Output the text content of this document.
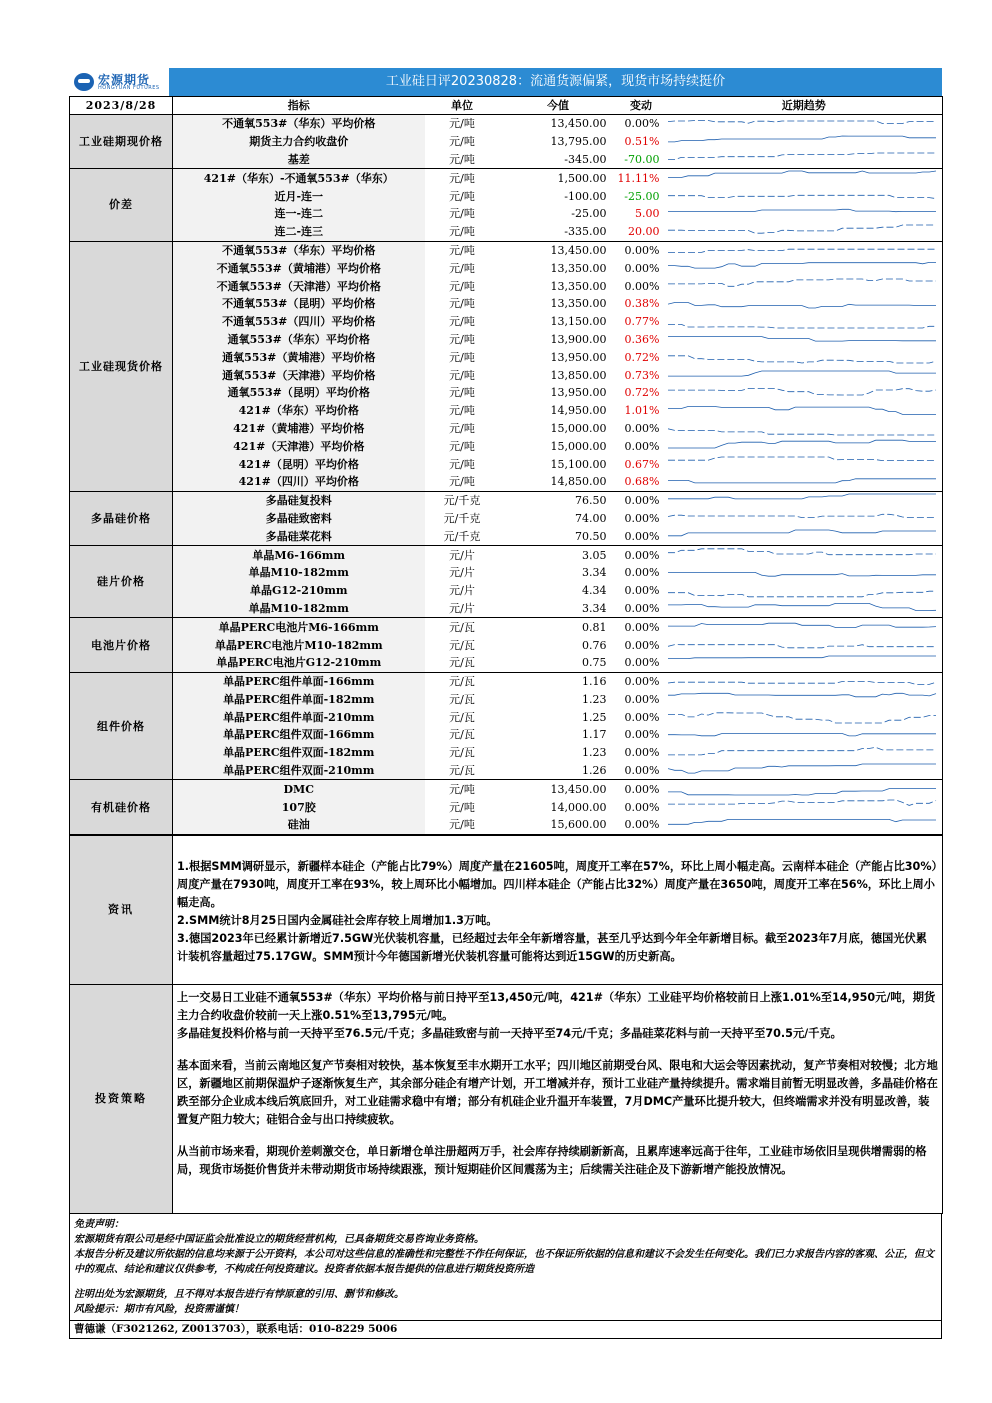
宏源期货
HONGYUAN FUTURES	工业硅日评20230828：流通货源偏紧，现货市场持续挺价
2023/8/28	指标	单位	今值	变动	近期趋势
工业硅期现价格	不通氧553#（华东）平均价格	元/吨	13,450.00	0.00%	

	期货主力合约收盘价	元/吨	13,795.00	0.51%	

	基差	元/吨	-345.00	-70.00	

价差	421#（华东）-不通氧553#（华东）	元/吨	1,500.00	11.11%	

	近月-连一	元/吨	-100.00	-25.00	

	连一-连二	元/吨	-25.00	5.00	

	连二-连三	元/吨	-335.00	20.00	

工业硅现货价格	不通氧553#（华东）平均价格	元/吨	13,450.00	0.00%	

	不通氧553#（黄埔港）平均价格	元/吨	13,350.00	0.00%	

	不通氧553#（天津港）平均价格	元/吨	13,350.00	0.00%	

	不通氧553#（昆明）平均价格	元/吨	13,350.00	0.38%	

	不通氧553#（四川）平均价格	元/吨	13,150.00	0.77%	

	通氧553#（华东）平均价格	元/吨	13,900.00	0.36%	

	通氧553#（黄埔港）平均价格	元/吨	13,950.00	0.72%	

	通氧553#（天津港）平均价格	元/吨	13,850.00	0.73%	

	通氧553#（昆明）平均价格	元/吨	13,950.00	0.72%	

	421#（华东）平均价格	元/吨	14,950.00	1.01%	

	421#（黄埔港）平均价格	元/吨	15,000.00	0.00%	

	421#（天津港）平均价格	元/吨	15,000.00	0.00%	

	421#（昆明）平均价格	元/吨	15,100.00	0.67%	

	421#（四川）平均价格	元/吨	14,850.00	0.68%	

多晶硅价格	多晶硅复投料	元/千克	76.50	0.00%	

	多晶硅致密料	元/千克	74.00	0.00%	

	多晶硅菜花料	元/千克	70.50	0.00%	

硅片价格	单晶M6-166mm	元/片	3.05	0.00%	

	单晶M10-182mm	元/片	3.34	0.00%	

	单晶G12-210mm	元/片	4.34	0.00%	

	单晶M10-182mm	元/片	3.34	0.00%	

电池片价格	单晶PERC电池片M6-166mm	元/瓦	0.81	0.00%	

	单晶PERC电池片M10-182mm	元/瓦	0.76	0.00%	

	单晶PERC电池片G12-210mm	元/瓦	0.75	0.00%	

组件价格	单晶PERC组件单面-166mm	元/瓦	1.16	0.00%	

	单晶PERC组件单面-182mm	元/瓦	1.23	0.00%	

	单晶PERC组件单面-210mm	元/瓦	1.25	0.00%	

	单晶PERC组件双面-166mm	元/瓦	1.17	0.00%	

	单晶PERC组件双面-182mm	元/瓦	1.23	0.00%	

	单晶PERC组件双面-210mm	元/瓦	1.26	0.00%	

有机硅价格	DMC	元/吨	13,450.00	0.00%	

	107胶	元/吨	14,000.00	0.00%	

	硅油	元/吨	15,600.00	0.00%	
资讯	1.根据SMM调研显示，新疆样本硅企（产能占比79%）周度产量在21605吨，周度开工率在57%，环比上周小幅走高。云南样本硅企（产能占比30%）周度产量在7930吨，周度开工率在93%，较上周环比小幅增加。四川样本硅企（产能占比32%）周度产量在3650吨，周度开工率在56%，环比上周小幅走高。

2.SMM统计8月25日国内金属硅社会库存较上周增加1.3万吨。

3.德国2023年已经累计新增近7.5GW光伏装机容量，已经超过去年全年新增容量，甚至几乎达到今年全年新增目标。截至2023年7月底，德国光伏累计装机容量超过75.17GW。SMM预计今年德国新增光伏装机容量可能将达到近15GW的历史新高。

投资策略	上一交易日工业硅不通氧553#（华东）平均价格与前日持平至13,450元/吨，421#（华东）工业硅平均价格较前日上涨1.01%至14,950元/吨，期货主力合约收盘价较前一天上涨0.51%至13,795元/吨。

多晶硅复投料价格与前一天持平至76.5元/千克；多晶硅致密与前一天持平至74元/千克；多晶硅菜花料与前一天持平至70.5元/千克。

基本面来看，当前云南地区复产节奏相对较快，基本恢复至丰水期开工水平；四川地区前期受台风、限电和大运会等因素扰动，复产节奏相对较慢；北方地区，新疆地区前期保温炉子逐渐恢复生产，其余部分硅企有增产计划，开工增减并存，预计工业硅产量持续提升。需求端目前暂无明显改善，多晶硅价格在跌至部分企业成本线后筑底回升，对工业硅需求稳中有增；部分有机硅企业升温开车装置，7月DMC产量环比提升较大，但终端需求并没有明显改善，装置复产阻力较大；硅铝合金与出口持续疲软。

从当前市场来看，期现价差刺激交仓，单日新增仓单注册超两万手，社会库存持续刷新新高，且累库速率远高于往年，工业硅市场依旧呈现供增需弱的格局，现货市场挺价售货并未带动期货市场持续跟涨，预计短期硅价区间震荡为主；后续需关注硅企及下游新增产能投放情况。

免责声明：
宏源期货有限公司是经中国证监会批准设立的期货经营机构，已具备期货交易咨询业务资格。
本报告分析及建议所依据的信息均来源于公开资料，本公司对这些信息的准确性和完整性不作任何保证，也不保证所依据的信息和建议不会发生任何变化。我们已力求报告内容的客观、公正，但文中的观点、结论和建议仅供参考，不构成任何投资建议。投资者依据本报告提供的信息进行期货投资所造
注明出处为宏源期货，且不得对本报告进行有悖原意的引用、删节和修改。
风险提示：期市有风险，投资需谨慎！
曹德谦（F3021262, Z0013703），联系电话：010-8229 5006
